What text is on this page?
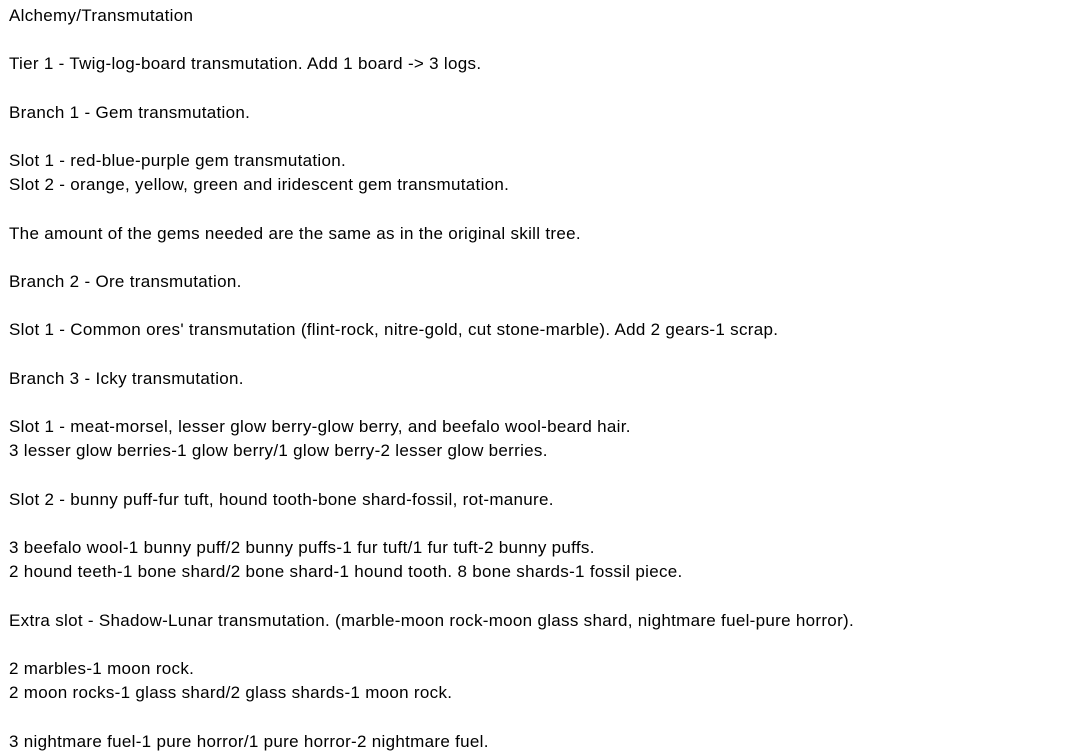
Alchemy/Transmutation
Tier 1 - Twig-log-board transmutation. Add 1 board -> 3 logs.
Branch 1 - Gem transmutation.
Slot 1 - red-blue-purple gem transmutation.
Slot 2 - orange, yellow, green and iridescent gem transmutation.
The amount of the gems needed are the same as in the original skill tree.
Branch 2 - Ore transmutation.
Slot 1 - Common ores' transmutation (flint-rock, nitre-gold, cut stone-marble). Add 2 gears-1 scrap.
Branch 3 - Icky transmutation.
Slot 1 - meat-morsel, lesser glow berry-glow berry, and beefalo wool-beard hair.
3 lesser glow berries-1 glow berry/1 glow berry-2 lesser glow berries.
Slot 2 - bunny puff-fur tuft, hound tooth-bone shard-fossil, rot-manure.
3 beefalo wool-1 bunny puff/2 bunny puffs-1 fur tuft/1 fur tuft-2 bunny puffs.
2 hound teeth-1 bone shard/2 bone shard-1 hound tooth. 8 bone shards-1 fossil piece.
Extra slot - Shadow-Lunar transmutation. (marble-moon rock-moon glass shard, nightmare fuel-pure horror).
2 marbles-1 moon rock.
2 moon rocks-1 glass shard/2 glass shards-1 moon rock.
3 nightmare fuel-1 pure horror/1 pure horror-2 nightmare fuel.
